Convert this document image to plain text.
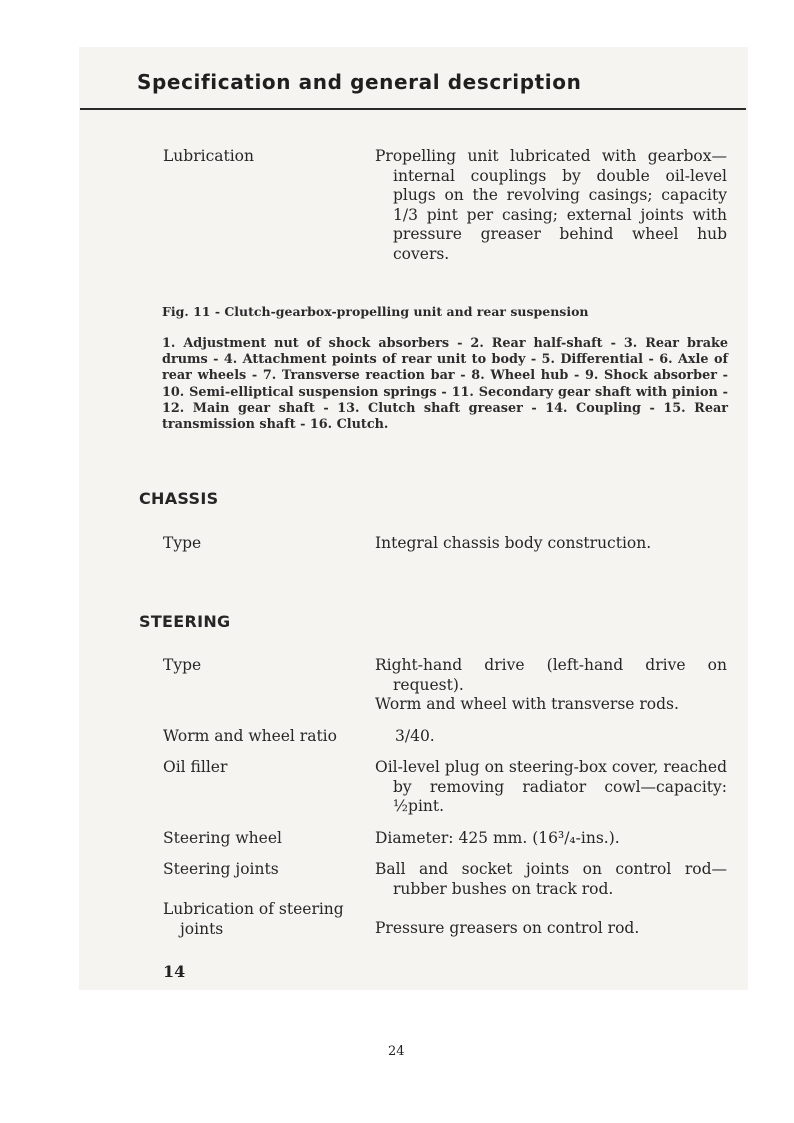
Specification and general description
Lubrication	Propelling unit lubricated with gearbox—internal couplings by double oil-level plugs on the revolving casings; capacity 1/3 pint per casing; external joints with pressure greaser behind wheel hub covers.
Fig. 11 - Clutch-gearbox-propelling unit and rear suspension
1. Adjustment nut of shock absorbers - 2. Rear half-shaft - 3. Rear brake drums - 4. Attachment points of rear unit to body - 5. Differential - 6. Axle of rear wheels - 7. Transverse reaction bar - 8. Wheel hub - 9. Shock absorber - 10. Semi-elliptical suspension springs - 11. Secondary gear shaft with pinion - 12. Main gear shaft - 13. Clutch shaft greaser - 14. Coupling - 15. Rear transmission shaft - 16. Clutch.
CHASSIS
Type	Integral chassis body construction.
STEERING
Type	Right-hand drive (left-hand drive on request).
Worm and wheel with transverse rods.
Worm and wheel ratio	3/40.
Oil filler	Oil-level plug on steering-box cover, reached by removing radiator cowl—capacity: ½pint.
Steering wheel	Diameter: 425 mm. (16³/₄-ins.).
Steering joints	Ball and socket joints on control rod—rubber bushes on track rod.
Lubrication of steering
joints	Pressure greasers on control rod.
14
24
